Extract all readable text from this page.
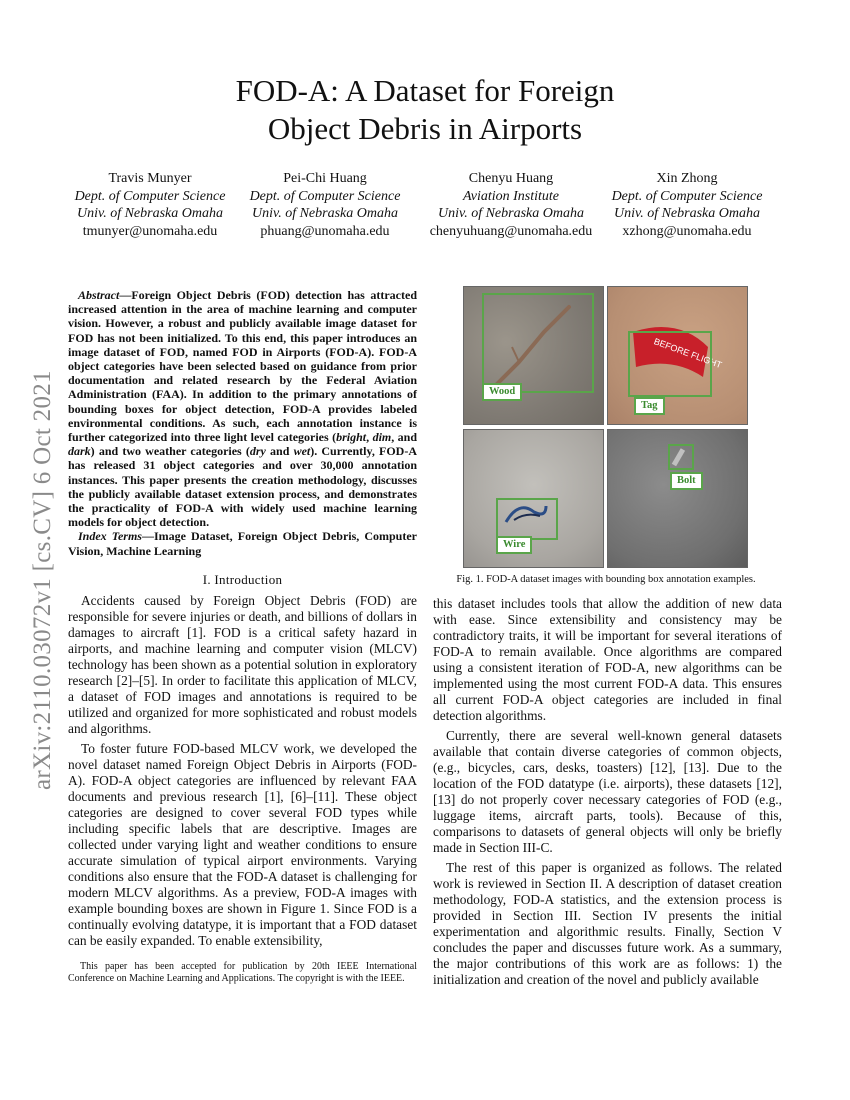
arXiv:2110.03072v1 [cs.CV] 6 Oct 2021
FOD-A: A Dataset for Foreign
Object Debris in Airports
Travis Munyer
Dept. of Computer Science
Univ. of Nebraska Omaha
tmunyer@unomaha.edu
Pei-Chi Huang
Dept. of Computer Science
Univ. of Nebraska Omaha
phuang@unomaha.edu
Chenyu Huang
Aviation Institute
Univ. of Nebraska Omaha
chenyuhuang@unomaha.edu
Xin Zhong
Dept. of Computer Science
Univ. of Nebraska Omaha
xzhong@unomaha.edu

Abstract—Foreign Object Debris (FOD) detection has attracted increased attention in the area of machine learning and computer vision. However, a robust and publicly available image dataset for FOD has not been initialized. To this end, this paper introduces an image dataset of FOD, named FOD in Airports (FOD-A). FOD-A object categories have been selected based on guidance from prior documentation and related research by the Federal Aviation Administration (FAA). In addition to the primary annotations of bounding boxes for object detection, FOD-A provides labeled environmental conditions. As such, each annotation instance is further categorized into three light level categories (bright, dim, and dark) and two weather categories (dry and wet). Currently, FOD-A has released 31 object categories and over 30,000 annotation instances. This paper presents the creation methodology, discusses the publicly available dataset extension process, and demonstrates the practicality of FOD-A with widely used machine learning models for object detection.

Index Terms—Image Dataset, Foreign Object Debris, Computer Vision, Machine Learning

I. Introduction

Accidents caused by Foreign Object Debris (FOD) are responsible for severe injuries or death, and billions of dollars in damages to aircraft [1]. FOD is a critical safety hazard in airports, and machine learning and computer vision (MLCV) technology has been shown as a potential solution in exploratory research [2]–[5]. In order to facilitate this application of MLCV, a dataset of FOD images and annotations is required to be utilized and organized for more sophisticated and robust models and algorithms.

To foster future FOD-based MLCV work, we developed the novel dataset named Foreign Object Debris in Airports (FOD-A). FOD-A object categories are influenced by relevant FAA documents and previous research [1], [6]–[11]. These object categories are designed to cover several FOD types while including specific labels that are descriptive. Images are collected under varying light and weather conditions to ensure accurate simulation of typical airport environments. Varying conditions also ensure that the FOD-A dataset is challenging for modern MLCV algorithms. As a preview, FOD-A images with example bounding boxes are shown in Figure 1. Since FOD is a continually evolving datatype, it is important that a FOD dataset can be easily expanded. To enable extensibility,

This paper has been accepted for publication by 20th IEEE International Conference on Machine Learning and Applications. The copyright is with the IEEE.
Wood
BEFORE FLIGHT
Tag
Wire
Bolt
Fig. 1. FOD-A dataset images with bounding box annotation examples.

this dataset includes tools that allow the addition of new data with ease. Since extensibility and consistency may be contradictory traits, it will be important for several iterations of FOD-A to remain available. Once algorithms are compared using a consistent iteration of FOD-A, new algorithms can be implemented using the most current FOD-A data. This ensures all current FOD-A object categories are included in final detection algorithms.

Currently, there are several well-known general datasets available that contain diverse categories of common objects, (e.g., bicycles, cars, desks, toasters) [12], [13]. Due to the location of the FOD datatype (i.e. airports), these datasets [12], [13] do not properly cover necessary categories of FOD (e.g., luggage items, aircraft parts, tools). Because of this, comparisons to datasets of general objects will only be briefly made in Section III-C.

The rest of this paper is organized as follows. The related work is reviewed in Section II. A description of dataset creation methodology, FOD-A statistics, and the extension process is provided in Section III. Section IV presents the initial experimentation and algorithmic results. Finally, Section V concludes the paper and discusses future work. As a summary, the major contributions of this work are as follows: 1) the initialization and creation of the novel and publicly available
